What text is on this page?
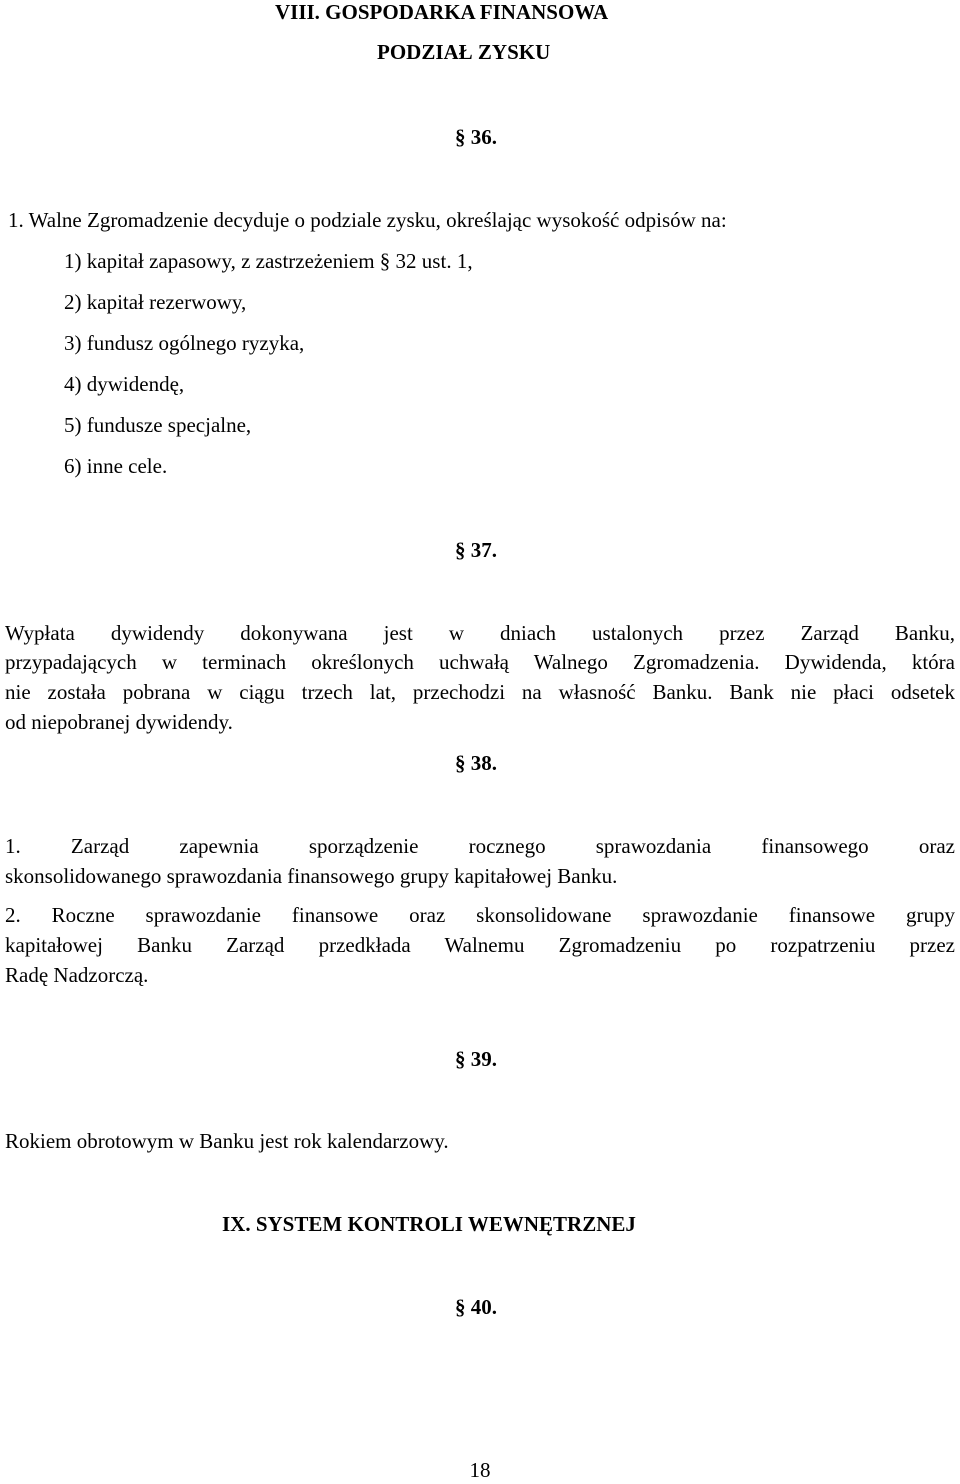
VIII. GOSPODARKA FINANSOWA
PODZIAŁ ZYSKU
§ 36.
1. Walne Zgromadzenie decyduje o podziale zysku, określając wysokość odpisów na:
1) kapitał zapasowy, z zastrzeżeniem § 32 ust. 1,
2) kapitał rezerwowy,
3) fundusz ogólnego ryzyka,
4) dywidendę,
5) fundusze specjalne,
6) inne cele.
§ 37.
Wypłata dywidendy dokonywana jest w dniach ustalonych przez Zarząd Banku,
przypadających w terminach określonych uchwałą Walnego Zgromadzenia. Dywidenda, która
nie została pobrana w ciągu trzech lat, przechodzi na własność Banku. Bank nie płaci odsetek
od niepobranej dywidendy.
§ 38.
1. Zarząd zapewnia sporządzenie rocznego sprawozdania finansowego oraz
skonsolidowanego sprawozdania finansowego grupy kapitałowej Banku.
2. Roczne sprawozdanie finansowe oraz skonsolidowane sprawozdanie finansowe grupy
kapitałowej Banku Zarząd przedkłada Walnemu Zgromadzeniu po rozpatrzeniu przez
Radę Nadzorczą.
§ 39.
Rokiem obrotowym w Banku jest rok kalendarzowy.
IX. SYSTEM KONTROLI WEWNĘTRZNEJ
§ 40.
18
